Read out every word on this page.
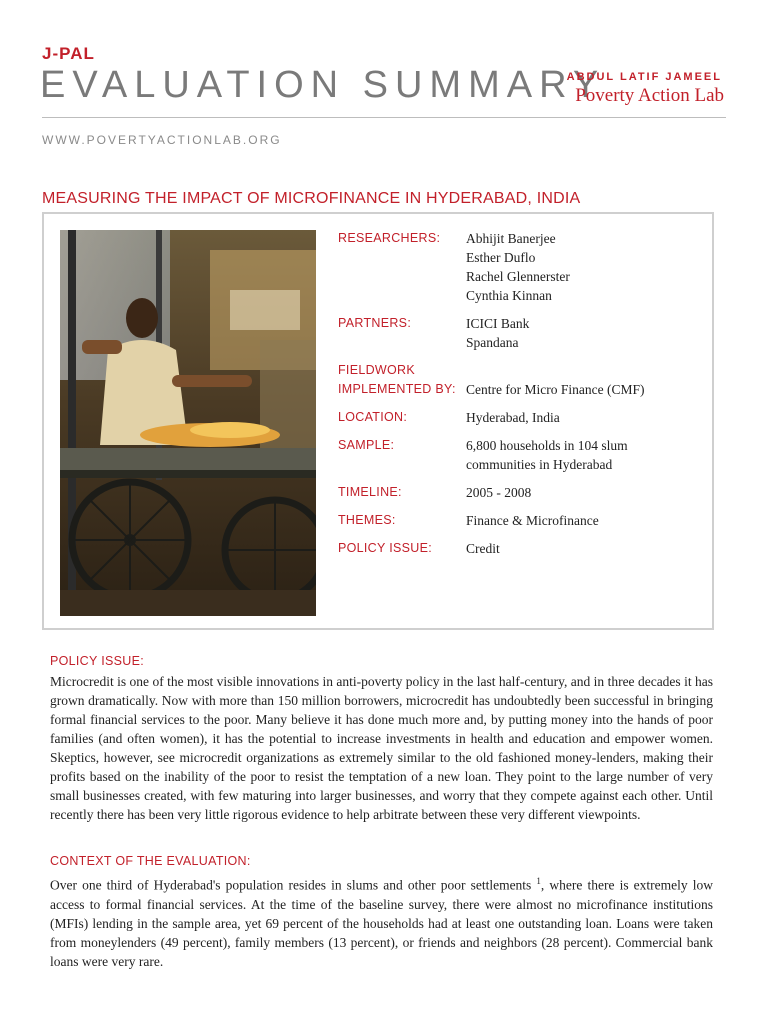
J-PAL
EVALUATION SUMMARY
ABDUL LATIF JAMEEL
Poverty Action Lab
WWW.POVERTYACTIONLAB.ORG
MEASURING THE IMPACT OF MICROFINANCE IN HYDERABAD, INDIA
RESEARCHERS:	Abhijit Banerjee
Esther Duflo
Rachel Glennerster
Cynthia Kinnan
PARTNERS:	ICICI Bank
Spandana
FIELDWORK
IMPLEMENTED BY: Centre for Micro Finance (CMF)
LOCATION:	Hyderabad, India
SAMPLE:	6,800 households in 104 slum
communities in Hyderabad
TIMELINE:	2005 - 2008
THEMES:	Finance & Microfinance
POLICY ISSUE:	Credit
POLICY ISSUE:
Microcredit is one of the most visible innovations in anti-poverty policy in the last half-century, and in three decades it has grown dramatically. Now with more than 150 million borrowers, microcredit has undoubtedly been successful in bringing formal financial services to the poor. Many believe it has done much more and, by putting money into the hands of poor families (and often women), it has the potential to increase investments in health and education and empower women. Skeptics, however, see microcredit organizations as extremely similar to the old fashioned money-lenders, making their profits based on the inability of the poor to resist the temptation of a new loan. They point to the large number of very small businesses created, with few maturing into larger businesses, and worry that they compete against each other. Until recently there has been very little rigorous evidence to help arbitrate between these very different viewpoints.
CONTEXT OF THE EVALUATION:
Over one third of Hyderabad's population resides in slums and other poor settlements $^1$, where there is extremely low access to formal financial services. At the time of the baseline survey, there were almost no microfinance institutions (MFIs) lending in the sample area, yet 69 percent of the households had at least one outstanding loan. Loans were taken from moneylenders (49 percent), family members (13 percent), or friends and neighbors (28 percent). Commercial bank loans were very rare.
